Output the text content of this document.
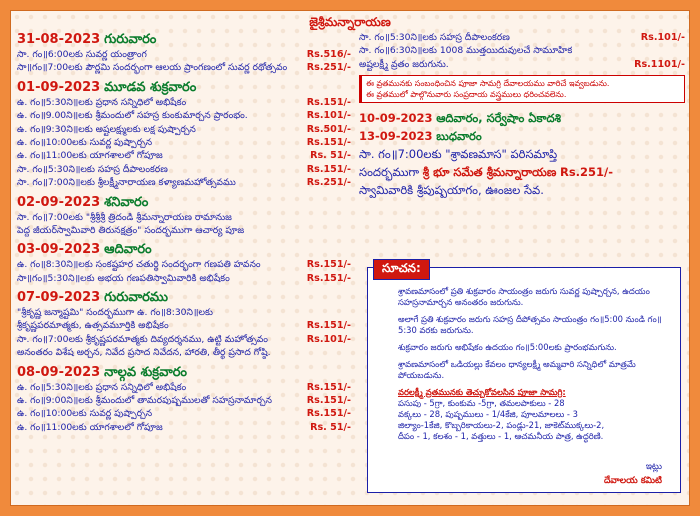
జైశ్రీమన్నారాయణ
31-08-2023 గురువారం
సా. గం॥6:00లకు సువర్ణ యంత్రాంగ	Rs.516/-
సా॥గం॥7:00లకు పౌర్ణమి సందర్భంగా ఆలయ ప్రాంగణంలో సువర్ణ రథోత్సవం Rs.251/-
01-09-2023 మూడవ శుక్రవారం
ఉ. గం॥5:30ని॥లకు ప్రధాన సన్నిధిలో అభిషేకం	Rs.151/-
ఉ. గం॥9.00ని॥లకు శ్రీమందులో సహస్ర కుంకుమార్చన ప్రారంభం.	Rs.101/-
ఉ. గం॥9:30ని॥లకు అష్టలక్ష్ములకు లక్ష పుష్పార్చన	Rs.501/-
ఉ. గం॥10:00లకు సువర్ణ పుష్పార్చన	Rs.151/-
ఉ. గం॥11:00లకు యాగశాలలో గోపూజ	Rs. 51/-
సా. గం॥5:30ని॥లకు సహస్ర దీపాలంకరణ	Rs.151/-
సా. గం॥7:00ని॥లకు శ్రీలక్ష్మీనారాయణ కళ్యాణమహోత్సవము	Rs.251/-
02-09-2023 శనివారం
సా. గం॥7:00లకు "శ్రీశ్రీశ్రీ త్రిదండి శ్రీమన్నారాయణ రామానుజ
పెద్ద జీయర్‌స్వామివారి తిరునక్షత్రం" సందర్భముగా ఆచార్య పూజ
03-09-2023 ఆదివారం
ఉ. గం॥8:30ని॥లకు సంకష్టహర చతుర్థి సందర్భంగా గణపతి హవనం	Rs.151/-
సా॥గం॥5:30ని॥లకు అభయ గణపతిస్వామివారికి అభిషేకం	Rs.151/-
07-09-2023 గురువారము
"శ్రీకృష్ణ జన్మాష్టమి" సందర్భముగా ఉ. గం॥8:30ని॥లకు
శ్రీకృష్ణపరమాత్మకు, ఉత్సవమూర్తికి అభిషేకం	Rs.151/-
సా. గం॥7:00లకు శ్రీకృష్ణపరమాత్మకు దివ్యదర్శనము, ఉట్టి మహోత్సవం	Rs.101/-
అనంతరం విశేష అర్చన, నివేద ప్రసాద నివేదన, హారతి, తీర్థ ప్రసాద గోష్ఠి.
08-09-2023 నాల్గవ శుక్రవారం
ఉ. గం॥5:30ని॥లకు ప్రధాన సన్నిధిలో అభిషేకం	Rs.151/-
ఉ. గం॥9:00ని॥లకు శ్రీమందులో తామరపుష్పములతో సహస్రనామార్చన	Rs.151/-
ఉ. గం॥10:00లకు సువర్ణ పుష్పార్చన	Rs.151/-
ఉ. గం॥11:00లకు యాగశాలలో గోపూజ	Rs. 51/-
సా. గం॥5:30ని॥లకు సహస్ర దీపాలంకరణ	Rs.101/-
సా. గం॥6:30ని॥లకు 1008 ముత్తయిదువులచే సామూహిక
అష్టలక్ష్మీ వ్రతం జరుగును.	Rs.1101/-
ఈ వ్రతమునకు సంబంధించిన పూజా సామగ్రి దేవాలయము వారిచే ఇవ్వబడును.
ఈ వ్రతములో పాల్గొనువారు సంప్రదాయ వస్త్రములు ధరించవలెను.
10-09-2023 ఆదివారం, సర్వేషాం ఏకాదశి
13-09-2023 బుధవారం
సా. గం॥7:00లకు "శ్రావణమాస" పరిసమాప్తి
సందర్భముగా శ్రీ భూ సమేత శ్రీమన్నారాయణ Rs.251/-
స్వామివారికి శ్రీపుష్పయాగం, ఊంజల సేవ.

శ్రావణమాసంలో ప్రతి శుక్రవారం సాయంత్రం జరుగు సువర్ణ పుష్పార్చన, ఉదయం సహస్రనామార్చన అనంతరం జరుగును.

అలాగే ప్రతి శుక్రవారం జరుగు సహస్ర దీపోత్సవం సాయంత్రం గం॥5:00 నుండి గం॥5:30 వరకు జరుగును.

శుక్రవారం జరుగు అభిషేకం ఉదయం గం॥5:00లకు ప్రారంభమగును.

శ్రావణమాసంలో ఒడియల్లు కేవలం ధాన్యలక్ష్మీ అమ్మవారి సన్నిధిలో మాత్రమే పోయబడును.

వరలక్ష్మీ వ్రతమునకు తెచ్చుకోవలసిన పూజా సామగ్రి:
పసుపు - 5గ్రా, కుంకుమ -5గ్రా, తమలపాకులు - 28
వక్కలు - 28, పుష్పములు - 1/4కేజి, పూలమాలలు - 3
జిల్యాం-1కేజి, కొబ్బరికాయలు-2, పండ్లు-21, జాకెట్‌ముక్కలు-2,
దీపం - 1, కలశం - 1, వత్తులు - 1, ఆచమనీయ పాత్ర, ఉద్ధరిణి.
ఇట్లు
దేవాలయ కమిటి
సూచన:
